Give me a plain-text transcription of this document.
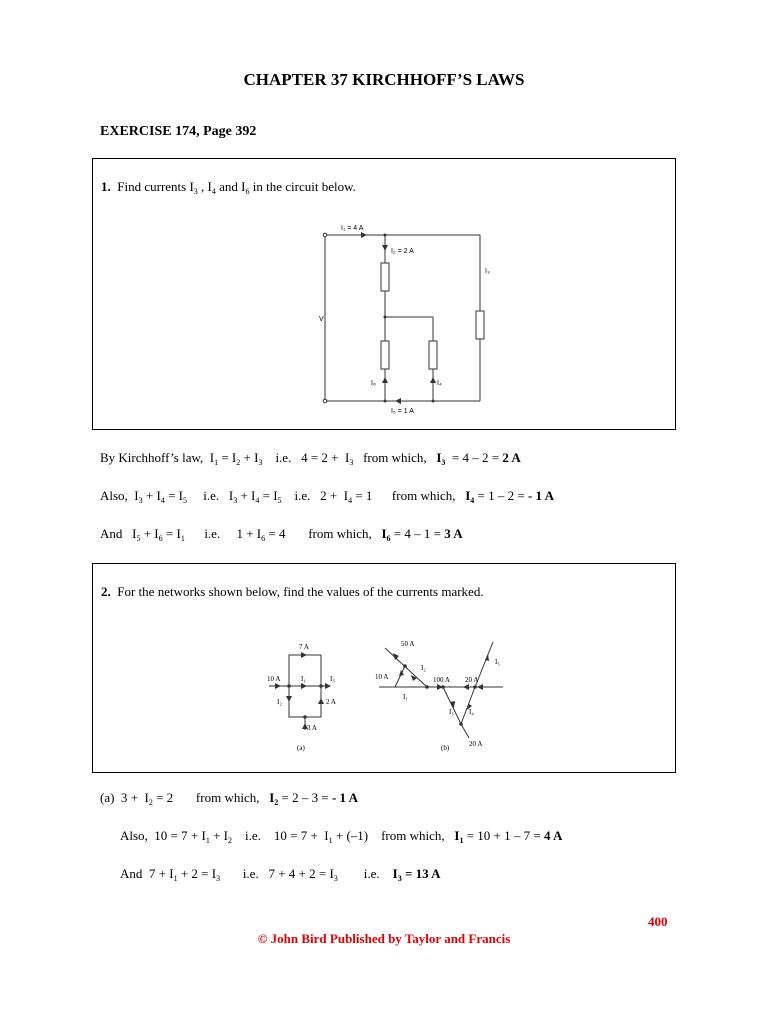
CHAPTER 37 KIRCHHOFF’S LAWS
EXERCISE 174, Page 392
1. Find currents $I_3$ , $I_4$ and $I_6$ in the circuit below.
I₁ = 4 A
I₂ = 2 A
I₃
V
I₆	I₄
I₅ = 1 A
By Kirchhoff’s law,  $I_1 = I_2 + I_3$    i.e.   $4 = 2 + I_3$   from which,   $I_3 = 4 - 2 = 2$ A
Also,  $I_3 + I_4 = I_5$     i.e.   $I_3 + I_4 = I_5$    i.e.   $2 + I_4 = 1$      from which,   $I_4 = 1 - 2$ = - 1 A
And   $I_5 + I_6 = I_1$      i.e.     $1 + I_6 = 4$       from which,   $I_6 = 4 - 1 = 3$ A
2. For the networks shown below, find the values of the currents marked.
7 A
10 A	I₁	I₃
I₂	2 A
3 A
(a)
50 A
10 A
I₂
100 A 20 A
I₅
I₁
I₃ I₄
20 A
(b)
(a)  $3 + I_2 = 2$       from which,   $I_2 = 2 - 3$ = - 1 A
Also,  $10 = 7 + I_1 + I_2$    i.e.    $10 = 7 + I_1 + (-1)$    from which,   $I_1 = 10 + 1 - 7 = 4$ A
And  $7 + I_1 + 2 = I_3$       i.e.   $7 + 4 + 2 = I_3$        i.e.    $I_3 = 13$ A
400
© John Bird Published by Taylor and Francis
